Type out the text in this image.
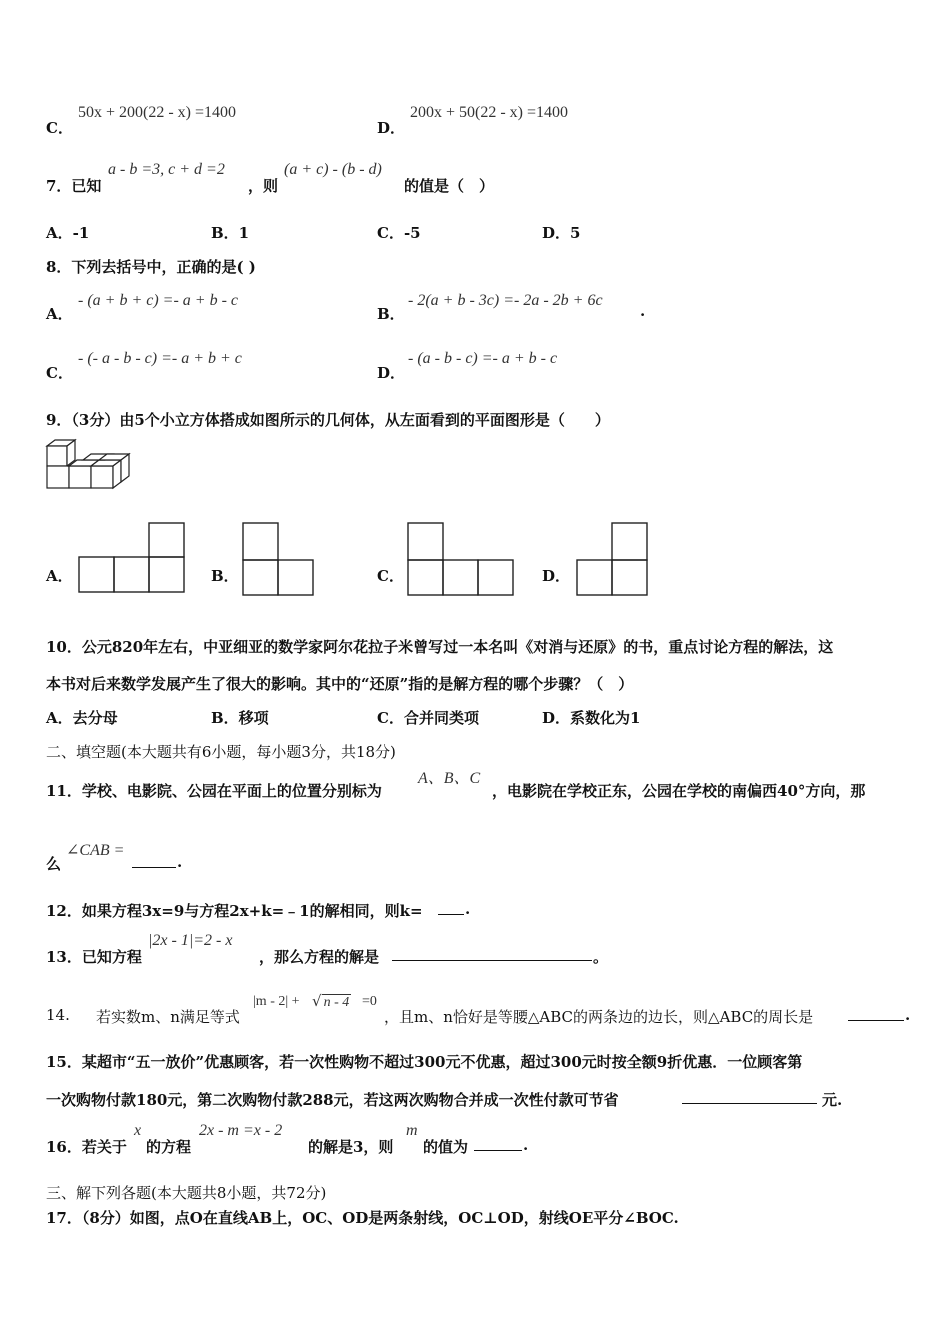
C．
50x + 200(22 - x) =1400
D．
200x + 50(22 - x) =1400
7．已知
a - b =3, c + d =2
，则
(a + c) - (b - d)
的值是（　）
A．-1	B．1	C．-5	D．5
8．下列去括号中，正确的是( )
A．
- (a + b + c) =- a + b - c
B．
- 2(a + b - 3c) =- 2a - 2b + 6c
.
C．
- (- a - b - c) =- a + b + c
D．
- (a - b - c) =- a + b - c
9．（3分）由5个小立方体搭成如图所示的几何体，从左面看到的平面图形是（　　）
A．	B．	C．	D．
10．公元820年左右，中亚细亚的数学家阿尔花拉子米曾写过一本名叫《对消与还原》的书，重点讨论方程的解法，这
本书对后来数学发展产生了很大的影响。其中的“还原”指的是解方程的哪个步骤？（　）
A．去分母	B．移项	C．合并同类项	D．系数化为1
二、填空题(本大题共有6小题，每小题3分，共18分)
11．学校、电影院、公园在平面上的位置分别标为
A、B、C
，电影院在学校正东，公园在学校的南偏西40°方向，那
么
∠CAB =
.
12．如果方程3x=9与方程2x+k=﹣1的解相同，则k=	.
13．已知方程
|2x - 1|=2 - x
，那么方程的解是	。
14. 若实数m、n满足等式
|m - 2| + √ n - 4 =0
，且m、n恰好是等腰△ABC的两条边的边长，则△ABC的周长是	.
15．某超市“五一放价”优惠顾客，若一次性购物不超过300元不优惠，超过300元时按全额9折优惠．一位顾客第
一次购物付款180元，第二次购物付款288元，若这两次购物合并成一次性付款可节省	元.
16．若关于
x
的方程
2x - m =x - 2
的解是3，则
m
的值为	.
三、解下列各题(本大题共8小题，共72分)
17．（8分）如图，点O在直线AB上，OC、OD是两条射线，OC⊥OD，射线OE平分∠BOC.
